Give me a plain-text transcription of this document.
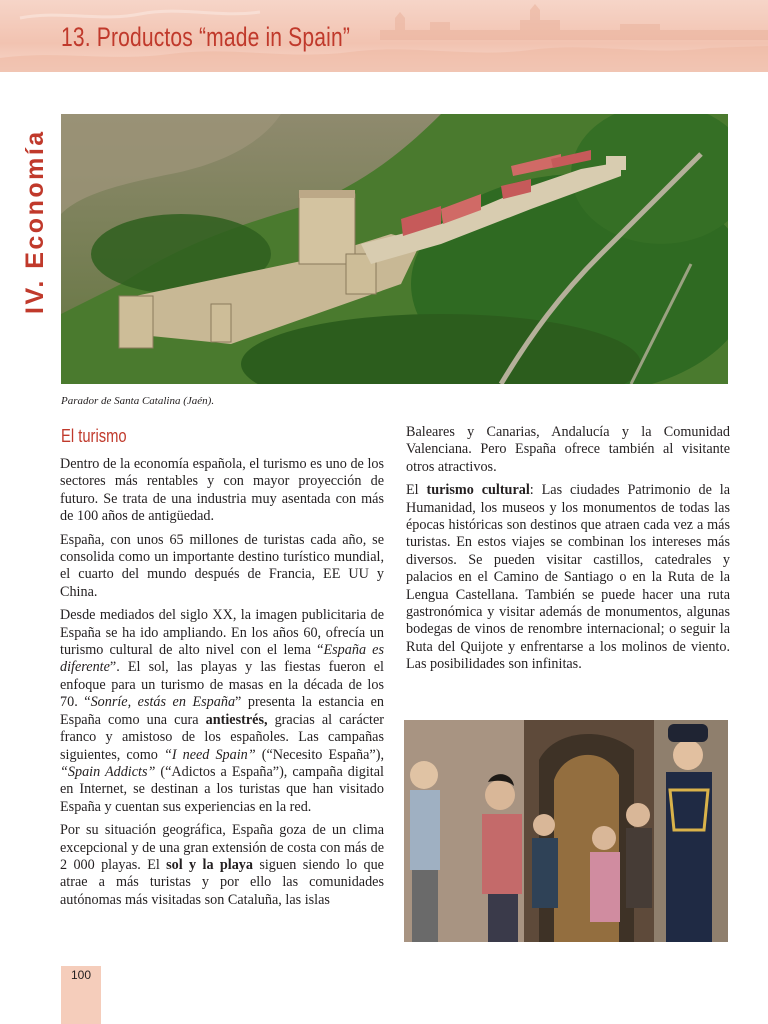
13. Productos “made in Spain”
IV. Economía
Parador de Santa Catalina (Jaén).
El turismo

Dentro de la economía española, el turismo es uno de los sectores más rentables y con mayor proyección de futuro. Se trata de una industria muy asentada con más de 100 años de antigüedad.

España, con unos 65 millones de turistas cada año, se consolida como un importante destino turístico mundial, el cuarto del mundo después de Francia, EE UU y China.

Desde mediados del siglo XX, la imagen publicitaria de España se ha ido ampliando. En los años 60, ofrecía un turismo cultural de alto nivel con el lema “España es diferente”. El sol, las playas y las fiestas fueron el enfoque para un turismo de masas en la década de los 70. “Sonríe, estás en España” presenta la estancia en España como una cura antiestrés, gracias al carácter franco y amistoso de los españoles. Las campañas siguientes, como “I need Spain” (“Necesito España”), “Spain Addicts” (“Adictos a España”), campaña digital en Internet, se destinan a los turistas que han visitado España y cuentan sus experiencias en la red.

Por su situación geográfica, España goza de un clima excepcional y de una gran extensión de costa con más de 2 000 playas. El sol y la playa siguen siendo lo que atrae a más turistas y por ello las comunidades autónomas más visitadas son Cataluña, las islas

Baleares y Canarias, Andalucía y la Comunidad Valenciana. Pero España ofrece también al visitante otros atractivos.

El turismo cultural: Las ciudades Patrimonio de la Humanidad, los museos y los monumentos de todas las épocas históricas son destinos que atraen cada vez a más turistas. En estos viajes se combinan los intereses más diversos. Se pueden visitar castillos, catedrales y palacios en el Camino de Santiago o en la Ruta de la Lengua Castellana. También se puede hacer una ruta gastronómica y visitar además de monumentos, algunas bodegas de vinos de renombre internacional; o seguir la Ruta del Quijote y enfrentarse a los molinos de viento. Las posibilidades son infinitas.

100
